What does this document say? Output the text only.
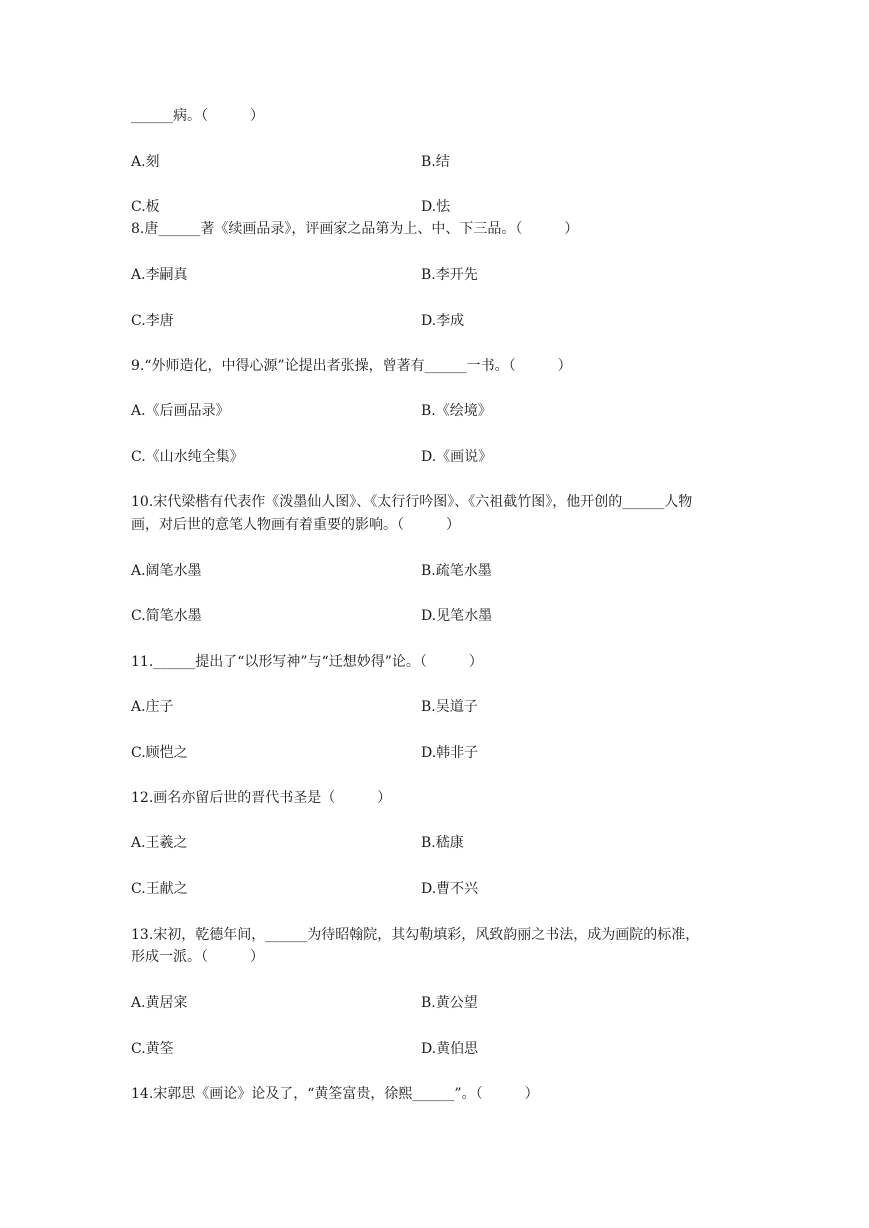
______病。（　　　）
A.刻	B.结
C.板	D.怯
8.唐______著《续画品录》，评画家之品第为上、中、下三品。（　　　）
A.李嗣真	B.李开先
C.李唐	D.李成
9.“外师造化，中得心源”论提出者张操，曾著有______一书。（　　　）
A.《后画品录》	B.《绘境》
C.《山水纯全集》	D.《画说》
10.宋代梁楷有代表作《泼墨仙人图》、《太行行吟图》、《六祖截竹图》，他开创的______人物
画，对后世的意笔人物画有着重要的影响。（　　　）
A.阔笔水墨	B.疏笔水墨
C.简笔水墨	D.见笔水墨
11.______提出了“以形写神”与“迁想妙得”论。（　　　）
A.庄子	B.吴道子
C.顾恺之	D.韩非子
12.画名亦留后世的晋代书圣是（　　　）
A.王羲之	B.嵇康
C.王献之	D.曹不兴
13.宋初，乾德年间，______为待昭翰院，其勾勒填彩，风致韵丽之书法，成为画院的标准，
形成一派。（　　　）
A.黄居寀	B.黄公望
C.黄筌	D.黄伯思
14.宋郭思《画论》论及了，“黄筌富贵，徐熙______”。（　　　）
